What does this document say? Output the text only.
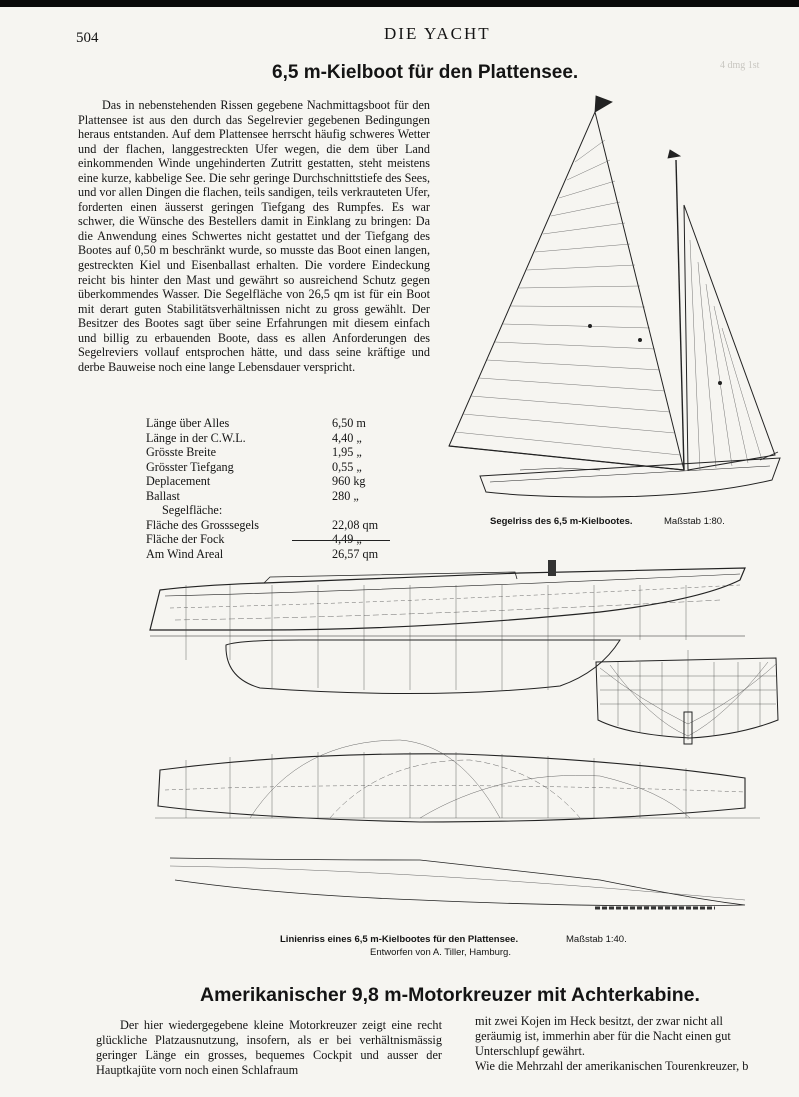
504	DIE YACHT
4 dmg 1st
6,5 m-Kielboot für den Plattensee.

Das in nebenstehenden Rissen gegebene Nachmittagsboot für den Plattensee ist aus den durch das Segelrevier gegebenen Bedingungen heraus entstanden. Auf dem Plattensee herrscht häufig schweres Wetter und der flachen, langgestreckten Ufer wegen, die dem über Land einkommenden Winde ungehinderten Zutritt gestatten, steht meistens eine kurze, kabbelige See. Die sehr geringe Durchschnittstiefe des Sees, und vor allen Dingen die flachen, teils sandigen, teils verkrauteten Ufer, forderten einen äusserst geringen Tiefgang des Rumpfes. Es war schwer, die Wünsche des Bestellers damit in Einklang zu bringen: Da die Anwendung eines Schwertes nicht gestattet und der Tiefgang des Bootes auf 0,50 m beschränkt wurde, so musste das Boot einen langen, gestreckten Kiel und Eisenballast erhalten. Die vordere Eindeckung reicht bis hinter den Mast und gewährt so ausreichend Schutz gegen überkommendes Wasser. Die Segelfläche von 26,5 qm ist für ein Boot mit derart guten Stabilitätsverhältnissen nicht zu gross gewählt. Der Besitzer des Bootes sagt über seine Erfahrungen mit diesem einfach und billig zu erbauenden Boote, dass es allen Anforderungen des Segelreviers vollauf entsprochen hätte, und dass seine kräftige und derbe Bauweise noch eine lange Lebensdauer verspricht.

Länge über Alles	6,50 m
Länge in der C.W.L.	4,40 „
Grösste Breite	1,95 „
Grösster Tiefgang	0,55 „
Deplacement	960 kg
Ballast	280 „
Segelfläche:
Fläche des Grosssegels	22,08 qm
Fläche der Fock	4,49 „
Am Wind Areal	26,57 qm
Segelriss des 6,5 m-Kielbootes.	Maßstab 1:80.
Linienriss eines 6,5 m-Kielbootes für den Plattensee.	Maßstab 1:40.
Entworfen von A. Tiller, Hamburg.
Amerikanischer 9,8 m-Motorkreuzer mit Achterkabine.

Der hier wiedergegebene kleine Motorkreuzer zeigt eine recht glückliche Platzausnutzung, insofern, als er bei verhältnismässig geringer Länge ein grosses, bequemes Cockpit und ausser der Hauptkajüte vorn noch einen Schlafraum

mit zwei Kojen im Heck besitzt, der zwar nicht all
geräumig ist, immerhin aber für die Nacht einen gut
Unterschlupf gewährt.
Wie die Mehrzahl der amerikanischen Tourenkreuzer, b
